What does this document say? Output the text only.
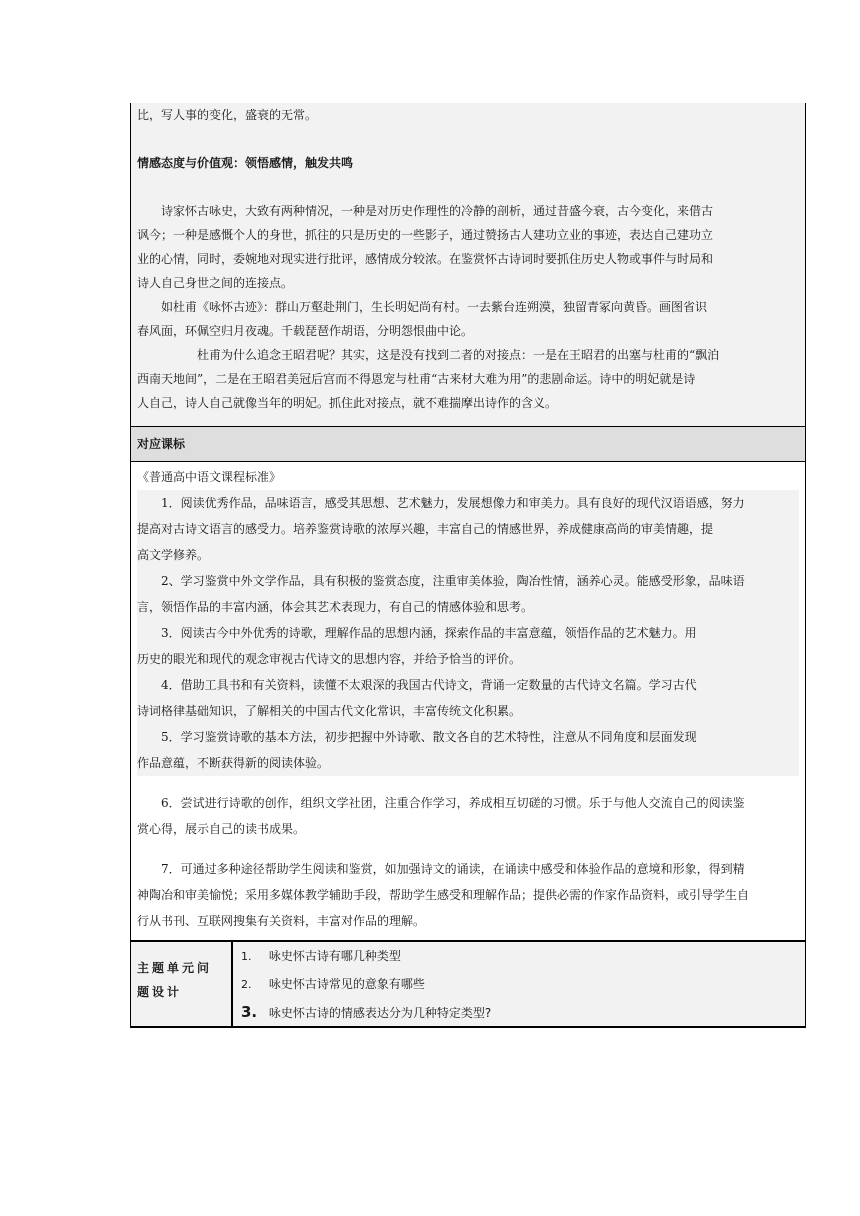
比，写人事的变化，盛衰的无常。

情感态度与价值观：领悟感情，触发共鸣

　　诗家怀古咏史，大致有两种情况，一种是对历史作理性的冷静的剖析，通过昔盛今衰，古今变化，来借古
讽今；一种是感慨个人的身世，抓往的只是历史的一些影子，通过赞扬古人建功立业的事迹，表达自己建功立
业的心情，同时，委婉地对现实进行批评，感情成分较浓。在鉴赏怀古诗词时要抓住历史人物或事件与时局和
诗人自己身世之间的连接点。
　　如杜甫《咏怀古迹》：群山万壑赴荆门，生长明妃尚有村。一去紫台连朔漠，独留青冢向黄昏。画图省识
春风面，环佩空归月夜魂。千载琵琶作胡语，分明怨恨曲中论。
　　　　　杜甫为什么追念王昭君呢？其实，这是没有找到二者的对接点：一是在王昭君的出塞与杜甫的“飘泊
西南天地间”，二是在王昭君美冠后宫而不得恩宠与杜甫“古来材大难为用”的悲剧命运。诗中的明妃就是诗
人自己，诗人自己就像当年的明妃。抓住此对接点，就不难揣摩出诗作的含义。
对应课标
《普通高中语文课程标准》
　　1．阅读优秀作品，品味语言，感受其思想、艺术魅力，发展想像力和审美力。具有良好的现代汉语语感，努力
提高对古诗文语言的感受力。培养鉴赏诗歌的浓厚兴趣，丰富自己的情感世界，养成健康高尚的审美情趣，提
高文学修养。
　　2、学习鉴赏中外文学作品，具有积极的鉴赏态度，注重审美体验，陶冶性情，涵养心灵。能感受形象，品味语
言，领悟作品的丰富内涵，体会其艺术表现力，有自己的情感体验和思考。
　　3．阅读古今中外优秀的诗歌，理解作品的思想内涵，探索作品的丰富意蕴，领悟作品的艺术魅力。用
历史的眼光和现代的观念审视古代诗文的思想内容，并给予恰当的评价。
　　4．借助工具书和有关资料，读懂不太艰深的我国古代诗文，背诵一定数量的古代诗文名篇。学习古代
诗词格律基础知识，了解相关的中国古代文化常识，丰富传统文化积累。
　　5．学习鉴赏诗歌的基本方法，初步把握中外诗歌、散文各自的艺术特性，注意从不同角度和层面发现
作品意蕴，不断获得新的阅读体验。
　　6．尝试进行诗歌的创作，组织文学社团，注重合作学习，养成相互切磋的习惯。乐于与他人交流自己的阅读鉴
赏心得，展示自己的读书成果。
　　7．可通过多种途径帮助学生阅读和鉴赏，如加强诗文的诵读，在诵读中感受和体验作品的意境和形象，得到精
神陶冶和审美愉悦；采用多媒体教学辅助手段，帮助学生感受和理解作品；提供必需的作家作品资料，或引导学生自
行从书刊、互联网搜集有关资料，丰富对作品的理解。
主题单元问题设计
1. 咏史怀古诗有哪几种类型
2. 咏史怀古诗常见的意象有哪些
3. 咏史怀古诗的情感表达分为几种特定类型?
